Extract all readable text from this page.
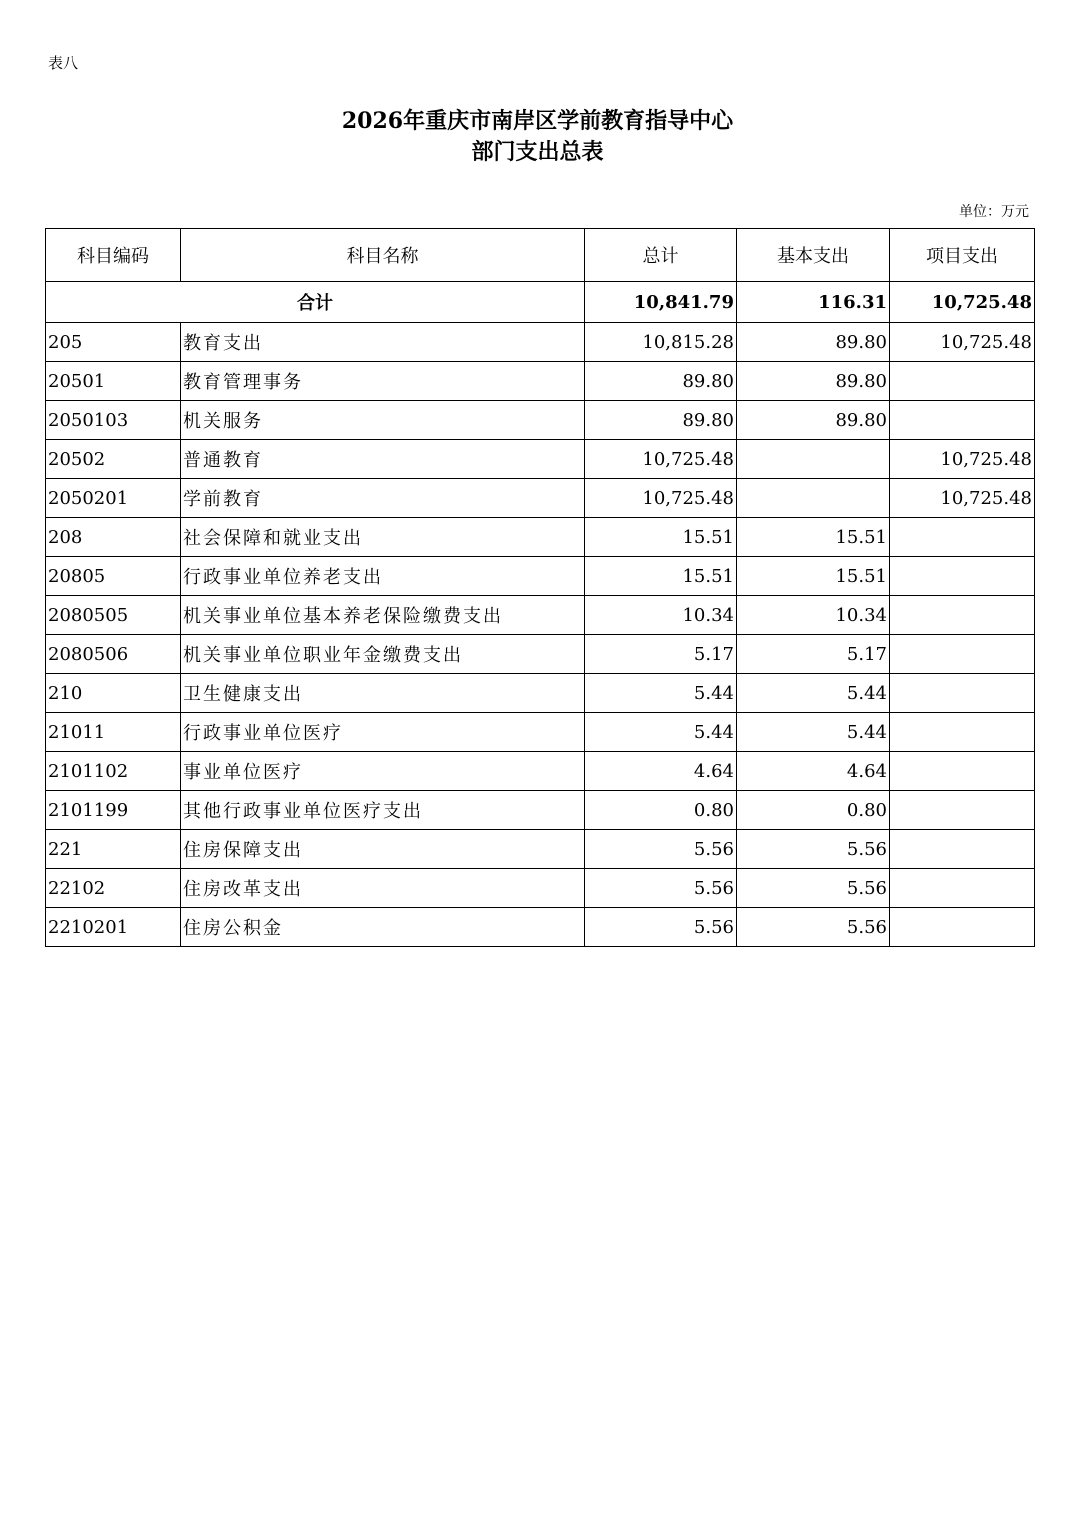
表八
2026年重庆市南岸区学前教育指导中心
部门支出总表
单位：万元
科目编码	科目名称	总计	基本支出	项目支出
合计		10,841.79	116.31	10,725.48
205	教育支出	10,815.28	89.80	10,725.48
20501	教育管理事务	89.80	89.80	
2050103	机关服务	89.80	89.80	
20502	普通教育	10,725.48		10,725.48
2050201	学前教育	10,725.48		10,725.48
208	社会保障和就业支出	15.51	15.51	
20805	行政事业单位养老支出	15.51	15.51	
2080505	机关事业单位基本养老保险缴费支出	10.34	10.34	
2080506	机关事业单位职业年金缴费支出	5.17	5.17	
210	卫生健康支出	5.44	5.44	
21011	行政事业单位医疗	5.44	5.44	
2101102	事业单位医疗	4.64	4.64	
2101199	其他行政事业单位医疗支出	0.80	0.80	
221	住房保障支出	5.56	5.56	
22102	住房改革支出	5.56	5.56	
2210201	住房公积金	5.56	5.56	
